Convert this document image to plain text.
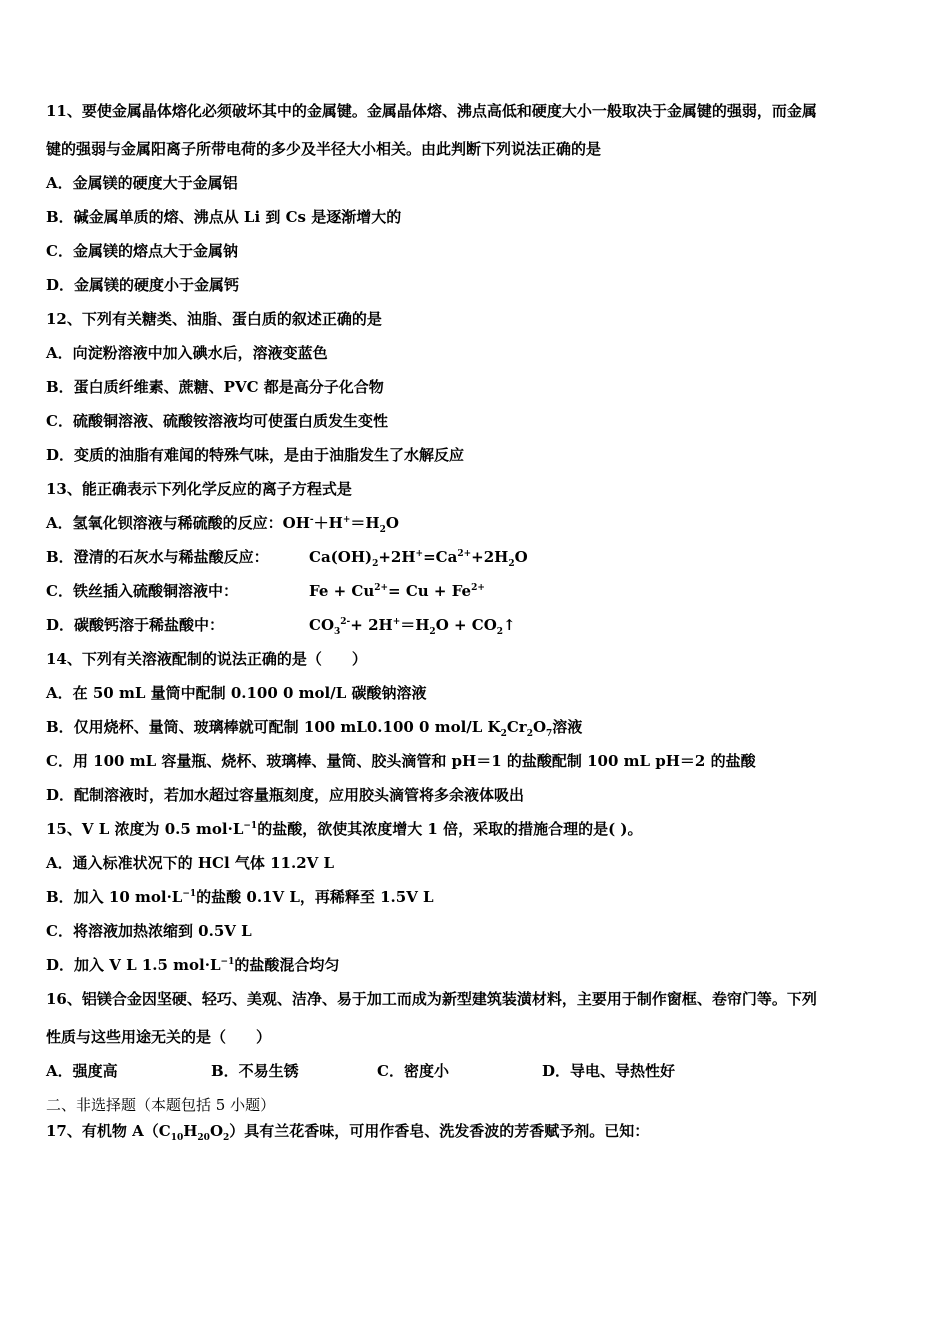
11、要使金属晶体熔化必须破坏其中的金属键。金属晶体熔、沸点高低和硬度大小一般取决于金属键的强弱，而金属
键的强弱与金属阳离子所带电荷的多少及半径大小相关。由此判断下列说法正确的是
A．金属镁的硬度大于金属铝
B．碱金属单质的熔、沸点从 Li 到 Cs 是逐渐增大的
C．金属镁的熔点大于金属钠
D．金属镁的硬度小于金属钙
12、下列有关糖类、油脂、蛋白质的叙述正确的是
A．向淀粉溶液中加入碘水后，溶液变蓝色
B．蛋白质纤维素、蔗糖、PVC 都是高分子化合物
C．硫酸铜溶液、硫酸铵溶液均可使蛋白质发生变性
D．变质的油脂有难闻的特殊气味，是由于油脂发生了水解反应
13、能正确表示下列化学反应的离子方程式是
A．氢氧化钡溶液与稀硫酸的反应：$OH^-+H^+=H_2O$
B．澄清的石灰水与稀盐酸反应：	$Ca(OH)_2+2H^+=Ca^{2+}+2H_2O$
C．铁丝插入硫酸铜溶液中：	$Fe + Cu^{2+}= Cu + Fe^{2+}$
D．碳酸钙溶于稀盐酸中：	$CO_3^{2-}+ 2H^+=H_2O$ + $CO_2↑$
14、下列有关溶液配制的说法正确的是（　　）
A．在 50 mL 量筒中配制 0.100 0 mol/L 碳酸钠溶液
B．仅用烧杯、量筒、玻璃棒就可配制 100 mL0.100 0 mol/L $K_2Cr_2O_7$溶液
C．用 100 mL 容量瓶、烧杯、玻璃棒、量筒、胶头滴管和 pH＝1 的盐酸配制 100 mL pH＝2 的盐酸
D．配制溶液时，若加水超过容量瓶刻度，应用胶头滴管将多余液体吸出
15、V L 浓度为 0.5 $mol\cdot L^{-1}$的盐酸，欲使其浓度增大 1 倍，采取的措施合理的是( )。
A．通入标准状况下的 HCl 气体 11.2V L
B．加入 10 $mol\cdot L^{-1}$的盐酸 0.1V L，再稀释至 1.5V L
C．将溶液加热浓缩到 0.5V L
D．加入 V L 1.5 $mol\cdot L^{-1}$的盐酸混合均匀
16、铝镁合金因坚硬、轻巧、美观、洁净、易于加工而成为新型建筑装潢材料，主要用于制作窗框、卷帘门等。下列
性质与这些用途无关的是（　　）
A．强度高	B．不易生锈	C．密度小	D．导电、导热性好
二、非选择题（本题包括 5 小题）
17、有机物 $A(C_{10}H_{20}O_2)$具有兰花香味，可用作香皂、洗发香波的芳香赋予剂。已知：
